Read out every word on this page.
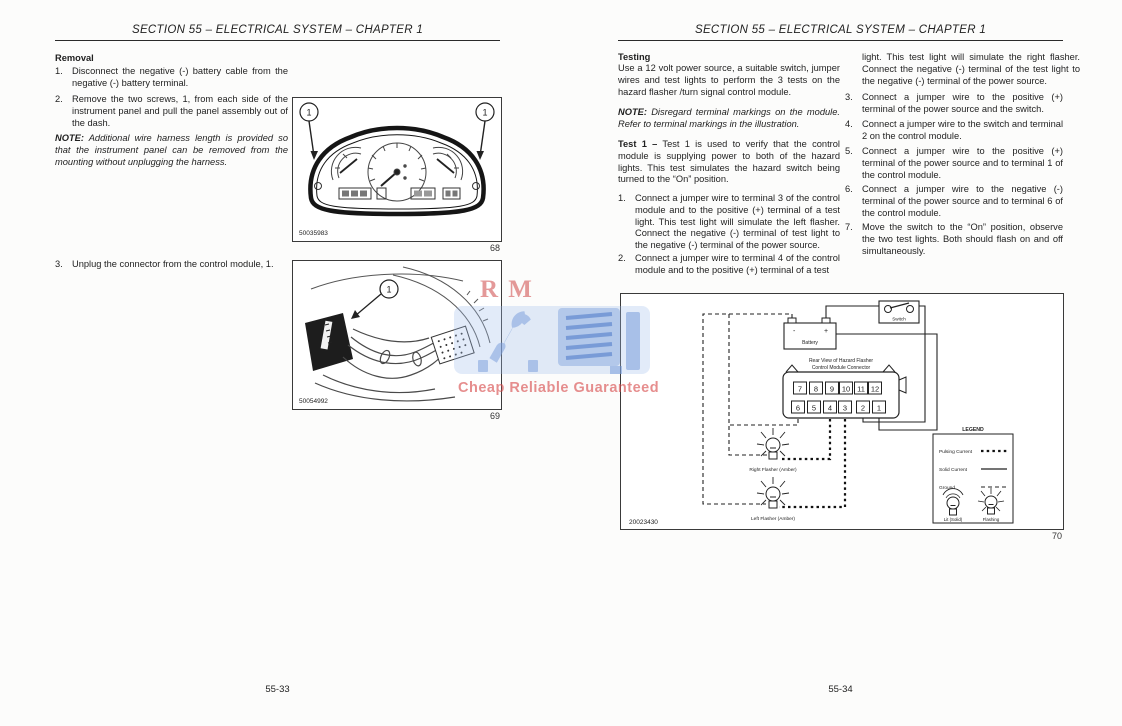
SECTION 55 – ELECTRICAL SYSTEM – CHAPTER 1
Removal
1. Disconnect the negative (-) battery cable from the negative (-) battery terminal.
2. Remove the two screws, 1, from each side of the instrument panel and pull the panel assembly out of the dash.
NOTE: Additional wire harness length is provided so that the instrument panel can be removed from the mounting without unplugging the harness.
1	1
50035983
68
3. Unplug the connector from the control module, 1.
1
50054992
69
55-33
SECTION 55 – ELECTRICAL SYSTEM – CHAPTER 1
Testing
Use a 12 volt power source, a suitable switch, jumper wires and test lights to perform the 3 tests on the hazard flasher /turn signal control module.
NOTE: Disregard terminal markings on the module. Refer to terminal markings in the illustration.
Test 1 – Test 1 is used to verify that the control module is supplying power to both of the hazard lights. This test simulates the hazard switch being turned to the “On” position.
1. Connect a jumper wire to terminal 3 of the control module and to the positive (+) terminal of a test light. This test light will simulate the left flasher. Connect the negative (-) terminal of test light to the negative (-) terminal of the power source.
2. Connect a jumper wire to terminal 4 of the control module and to the positive (+) terminal of a test
light. This test light will simulate the right flasher. Connect the negative (-) terminal of the test light to the negative (-) terminal of the power source.
3. Connect a jumper wire to the positive (+) terminal of the power source and the switch.
4. Connect a jumper wire to the switch and terminal 2 on the control module.
5. Connect a jumper wire to the positive (+) terminal of the power source and to terminal 1 of the control module.
6. Connect a jumper wire to the negative (-) terminal of the power source and to terminal 6 of the control module.
7. Move the switch to the “On” position, observe the two test lights. Both should flash on and off simultaneously.
-	+
Battery
Switch
Rear View of Hazard Flasher
Control Module Connector
7 8 9 10 11 12
6 5 4 3 2 1
Right Flasher (Amber)
Left Flasher (Amber)
LEGEND
Pulsing Current
Solid Current
Ground
Lit (Solid)	Flashing
20023430
70
55-34
R M
Cheap Reliable Guaranteed
